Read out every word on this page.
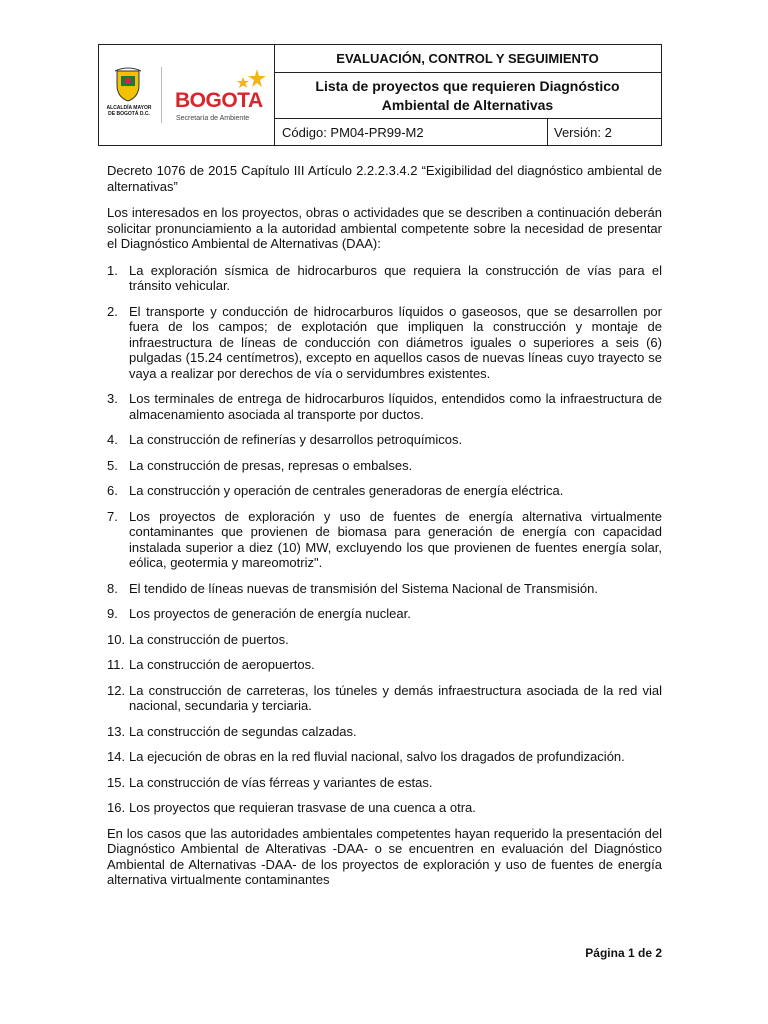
ALCALDÍA MAYOR
DE BOGOTÁ D.C.
BOGOTA
Secretaría de Ambiente
EVALUACIÓN, CONTROL Y SEGUIMIENTO
Lista de proyectos que requieren Diagnóstico
Ambiental de Alternativas
Código: PM04-PR99-M2	Versión: 2

Decreto 1076 de 2015 Capítulo III Artículo 2.2.2.3.4.2 “Exigibilidad del diagnóstico ambiental de alternativas”

Los interesados en los proyectos, obras o actividades que se describen a continuación deberán solicitar pronunciamiento a la autoridad ambiental competente sobre la necesidad de presentar el Diagnóstico Ambiental de Alternativas (DAA):

1. La exploración sísmica de hidrocarburos que requiera la construcción de vías para el tránsito vehicular.
2. El transporte y conducción de hidrocarburos líquidos o gaseosos, que se desarrollen por fuera de los campos; de explotación que impliquen la construcción y montaje de infraestructura de líneas de conducción con diámetros iguales o superiores a seis (6) pulgadas (15.24 centímetros), excepto en aquellos casos de nuevas líneas cuyo trayecto se vaya a realizar por derechos de vía o servidumbres existentes.
3. Los terminales de entrega de hidrocarburos líquidos, entendidos como la infraestructura de almacenamiento asociada al transporte por ductos.
4. La construcción de refinerías y desarrollos petroquímicos.
5. La construcción de presas, represas o embalses.
6. La construcción y operación de centrales generadoras de energía eléctrica.
7. Los proyectos de exploración y uso de fuentes de energía alternativa virtualmente contaminantes que provienen de biomasa para generación de energía con capacidad instalada superior a diez (10) MW, excluyendo los que provienen de fuentes energía solar, eólica, geotermia y mareomotriz".
8. El tendido de líneas nuevas de transmisión del Sistema Nacional de Transmisión.
9. Los proyectos de generación de energía nuclear.
10. La construcción de puertos.
11. La construcción de aeropuertos.
12. La construcción de carreteras, los túneles y demás infraestructura asociada de la red vial nacional, secundaria y terciaria.
13. La construcción de segundas calzadas.
14. La ejecución de obras en la red fluvial nacional, salvo los dragados de profundización.
15. La construcción de vías férreas y variantes de estas.
16. Los proyectos que requieran trasvase de una cuenca a otra.

En los casos que las autoridades ambientales competentes hayan requerido la presentación del Diagnóstico Ambiental de Alterativas -DAA- o se encuentren en evaluación del Diagnóstico Ambiental de Alternativas -DAA- de los proyectos de exploración y uso de fuentes de energía alternativa virtualmente contaminantes

Página 1 de 2
